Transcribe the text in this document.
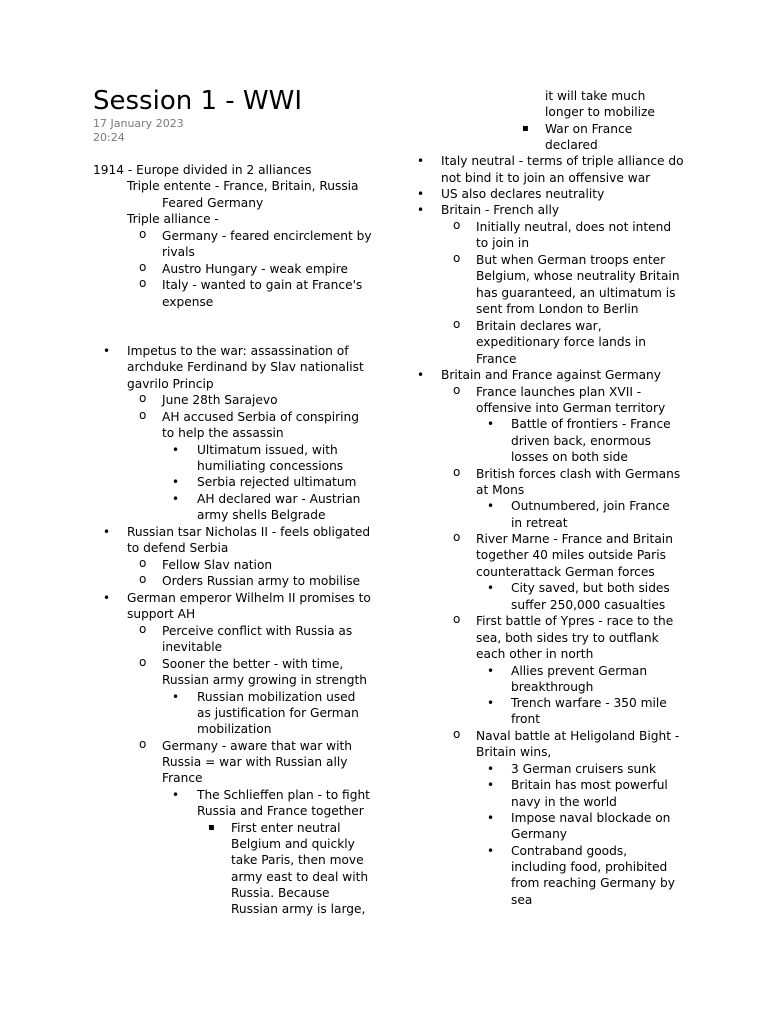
Session 1 - WWI
17 January 2023
20:24
1914 - Europe divided in 2 alliances
Triple entente - France, Britain, Russia
Feared Germany
Triple alliance -
o Germany - feared encirclement by
rivals
o Austro Hungary - weak empire
o Italy - wanted to gain at France's
expense
• Impetus to the war: assassination of
archduke Ferdinand by Slav nationalist
gavrilo Princip
o June 28th Sarajevo
o AH accused Serbia of conspiring
to help the assassin
• Ultimatum issued, with
humiliating concessions
• Serbia rejected ultimatum
• AH declared war - Austrian
army shells Belgrade
• Russian tsar Nicholas II - feels obligated
to defend Serbia
o Fellow Slav nation
o Orders Russian army to mobilise
• German emperor Wilhelm II promises to
support AH
o Perceive conflict with Russia as
inevitable
o Sooner the better - with time,
Russian army growing in strength
• Russian mobilization used
as justification for German
mobilization
o Germany - aware that war with
Russia = war with Russian ally
France
• The Schlieffen plan - to fight
Russia and France together
▪ First enter neutral
Belgium and quickly
take Paris, then move
army east to deal with
Russia. Because
Russian army is large,
it will take much
longer to mobilize
▪ War on France
declared
• Italy neutral - terms of triple alliance do
not bind it to join an offensive war
• US also declares neutrality
• Britain - French ally
o Initially neutral, does not intend
to join in
o But when German troops enter
Belgium, whose neutrality Britain
has guaranteed, an ultimatum is
sent from London to Berlin
o Britain declares war,
expeditionary force lands in
France
• Britain and France against Germany
o France launches plan XVII -
offensive into German territory
• Battle of frontiers - France
driven back, enormous
losses on both side
o British forces clash with Germans
at Mons
• Outnumbered, join France
in retreat
o River Marne - France and Britain
together 40 miles outside Paris
counterattack German forces
• City saved, but both sides
suffer 250,000 casualties
o First battle of Ypres - race to the
sea, both sides try to outflank
each other in north
• Allies prevent German
breakthrough
• Trench warfare - 350 mile
front
o Naval battle at Heligoland Bight -
Britain wins,
• 3 German cruisers sunk
• Britain has most powerful
navy in the world
• Impose naval blockade on
Germany
• Contraband goods,
including food, prohibited
from reaching Germany by
sea
